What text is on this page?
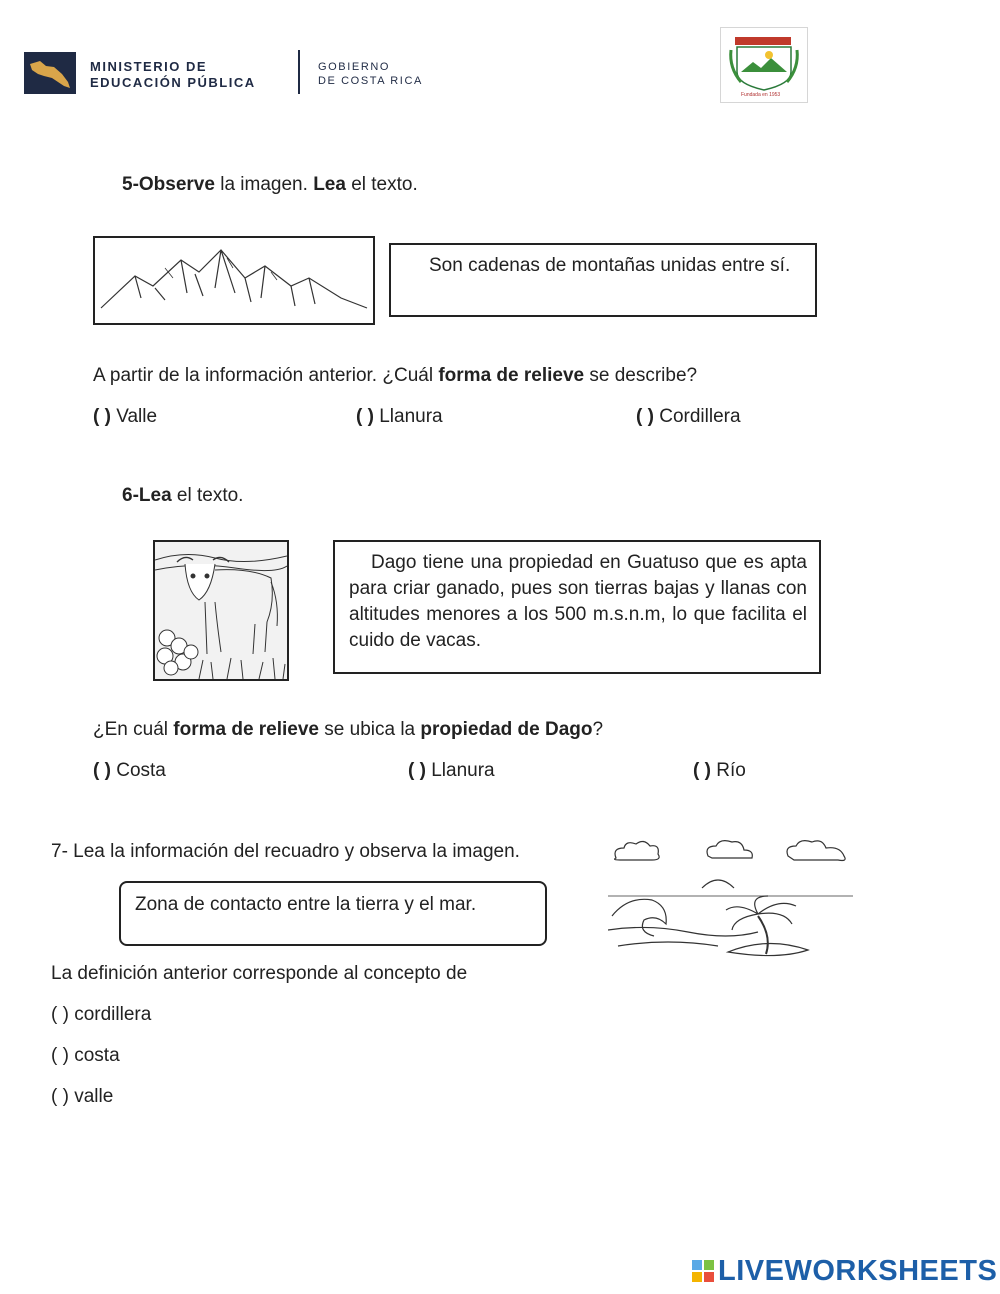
MINISTERIO DE
EDUCACIÓN PÚBLICA
GOBIERNO
DE COSTA RICA
Fundada en 1953
5-Observe la imagen. Lea el texto.
Son cadenas de montañas unidas entre sí.
A partir de la información anterior. ¿Cuál forma de relieve se describe?
( ) Valle	( ) Llanura	( ) Cordillera
6-Lea el texto.
Dago tiene una propiedad en Guatuso que es apta para criar ganado, pues son tierras bajas y llanas con altitudes menores a los 500 m.s.n.m, lo que facilita el cuido de vacas.
¿En cuál forma de relieve se ubica la propiedad de Dago?
( ) Costa	( ) Llanura	( ) Río
7- Lea la información del recuadro y observa la imagen.
Zona de contacto entre la tierra y el mar.
La definición anterior corresponde al concepto de
( ) cordillera
( ) costa
( ) valle
LIVEWORKSHEETS
